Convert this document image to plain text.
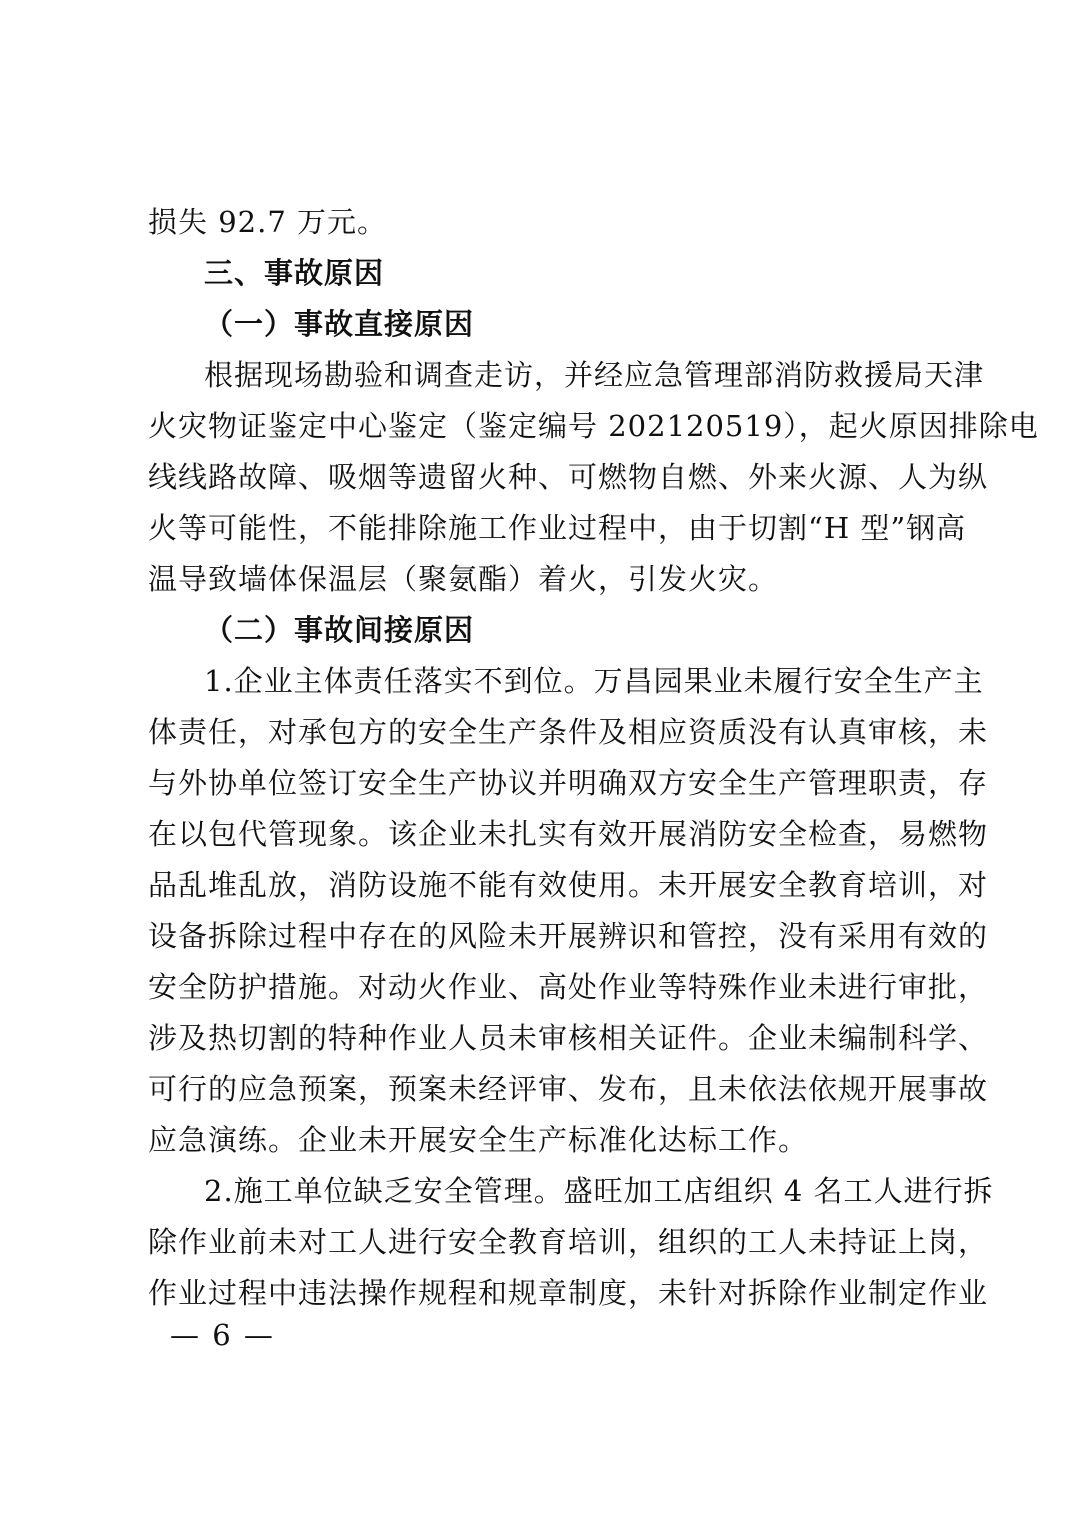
损失 92.7 万元。
三、事故原因
（一）事故直接原因
根据现场勘验和调查走访，并经应急管理部消防救援局天津
火灾物证鉴定中心鉴定（鉴定编号 202120519），起火原因排除电
线线路故障、吸烟等遗留火种、可燃物自燃、外来火源、人为纵
火等可能性，不能排除施工作业过程中，由于切割“H 型”钢高
温导致墙体保温层（聚氨酯）着火，引发火灾。
（二）事故间接原因
1.企业主体责任落实不到位。万昌园果业未履行安全生产主
体责任，对承包方的安全生产条件及相应资质没有认真审核，未
与外协单位签订安全生产协议并明确双方安全生产管理职责，存
在以包代管现象。该企业未扎实有效开展消防安全检查，易燃物
品乱堆乱放，消防设施不能有效使用。未开展安全教育培训，对
设备拆除过程中存在的风险未开展辨识和管控，没有采用有效的
安全防护措施。对动火作业、高处作业等特殊作业未进行审批，
涉及热切割的特种作业人员未审核相关证件。企业未编制科学、
可行的应急预案，预案未经评审、发布，且未依法依规开展事故
应急演练。企业未开展安全生产标准化达标工作。
2.施工单位缺乏安全管理。盛旺加工店组织 4 名工人进行拆
除作业前未对工人进行安全教育培训，组织的工人未持证上岗，
作业过程中违法操作规程和规章制度，未针对拆除作业制定作业
— 6 —
